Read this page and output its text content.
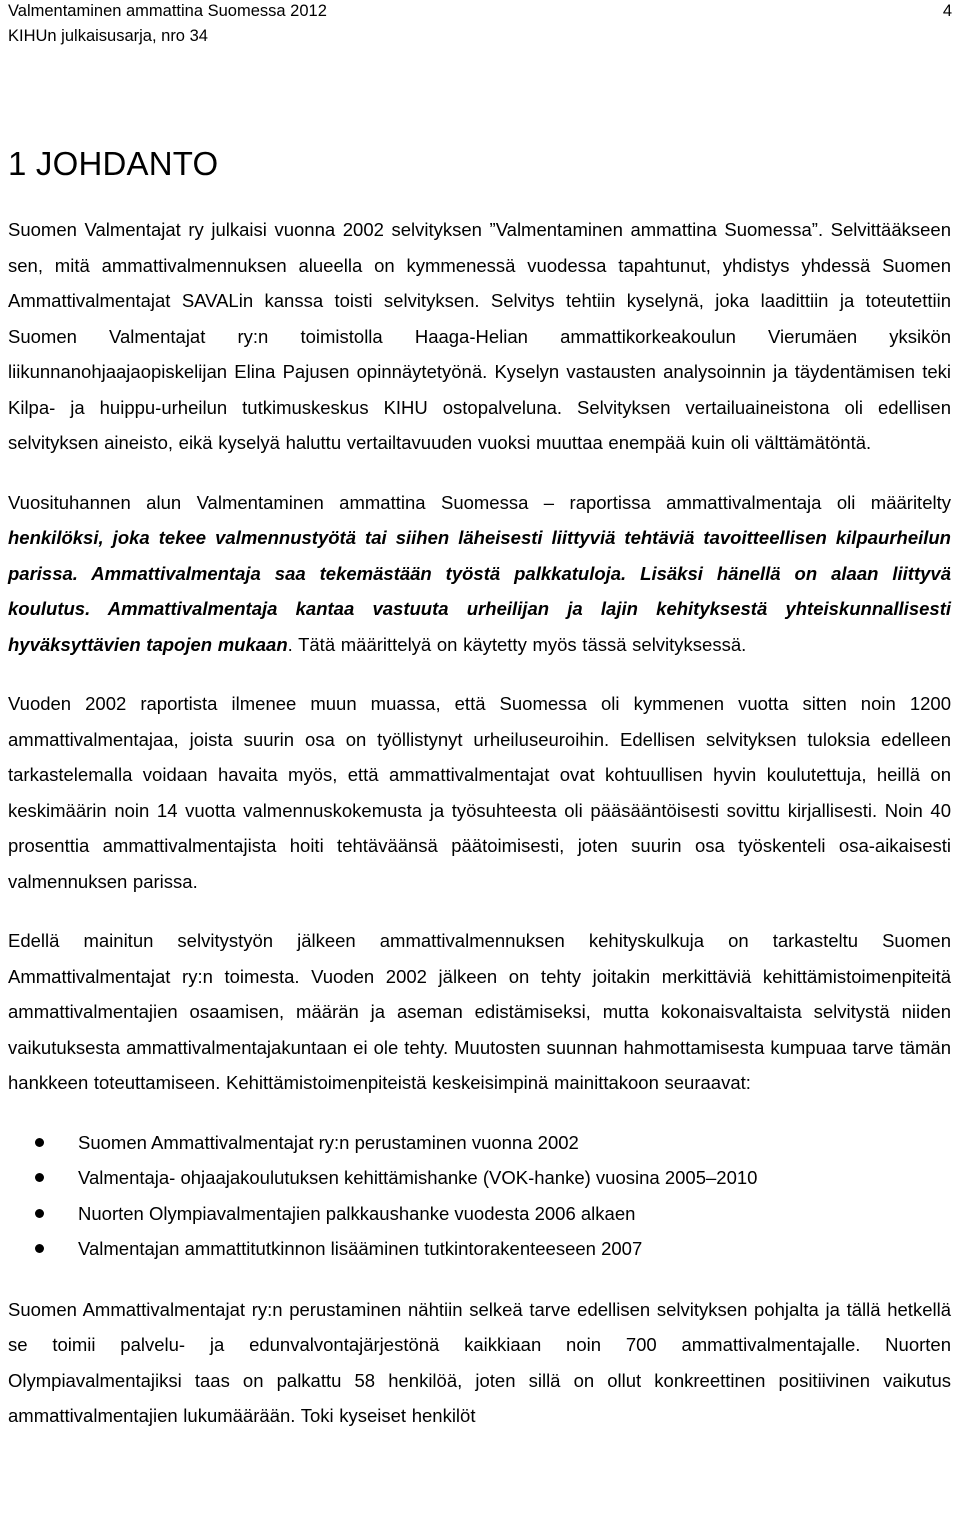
Valmentaminen ammattina Suomessa 2012
KIHUn julkaisusarja, nro 34
4
1 JOHDANTO

Suomen Valmentajat ry julkaisi vuonna 2002 selvityksen ”Valmentaminen ammattina Suomessa”. Selvittääkseen sen, mitä ammattivalmennuksen alueella on kymmenessä vuodessa tapahtunut, yhdistys yhdessä Suomen Ammattivalmentajat SAVALin kanssa toisti selvityksen. Selvitys tehtiin kyselynä, joka laadittiin ja toteutettiin Suomen Valmentajat ry:n toimistolla Haaga-Helian ammattikorkeakoulun Vierumäen yksikön liikunnanohjaajaopiskelijan Elina Pajusen opinnäytetyönä. Kyselyn vastausten analysoinnin ja täydentämisen teki Kilpa- ja huippu-urheilun tutkimuskeskus KIHU ostopalveluna. Selvityksen vertailuaineistona oli edellisen selvityksen aineisto, eikä kyselyä haluttu vertailtavuuden vuoksi muuttaa enempää kuin oli välttämätöntä.

Vuosituhannen alun Valmentaminen ammattina Suomessa – raportissa ammattivalmentaja oli määritelty henkilöksi, joka tekee valmennustyötä tai siihen läheisesti liittyviä tehtäviä tavoitteellisen kilpaurheilun parissa. Ammattivalmentaja saa tekemästään työstä palkkatuloja. Lisäksi hänellä on alaan liittyvä koulutus. Ammattivalmentaja kantaa vastuuta urheilijan ja lajin kehityksestä yhteiskunnallisesti hyväksyttävien tapojen mukaan. Tätä määrittelyä on käytetty myös tässä selvityksessä.

Vuoden 2002 raportista ilmenee muun muassa, että Suomessa oli kymmenen vuotta sitten noin 1200 ammattivalmentajaa, joista suurin osa on työllistynyt urheiluseuroihin. Edellisen selvityksen tuloksia edelleen tarkastelemalla voidaan havaita myös, että ammattivalmentajat ovat kohtuullisen hyvin koulutettuja, heillä on keskimäärin noin 14 vuotta valmennuskokemusta ja työsuhteesta oli pääsääntöisesti sovittu kirjallisesti. Noin 40 prosenttia ammattivalmentajista hoiti tehtäväänsä päätoimisesti, joten suurin osa työskenteli osa-aikaisesti valmennuksen parissa.

Edellä mainitun selvitystyön jälkeen ammattivalmennuksen kehityskulkuja on tarkasteltu Suomen Ammattivalmentajat ry:n toimesta. Vuoden 2002 jälkeen on tehty joitakin merkittäviä kehittämistoimenpiteitä ammattivalmentajien osaamisen, määrän ja aseman edistämiseksi, mutta kokonaisvaltaista selvitystä niiden vaikutuksesta ammattivalmentajakuntaan ei ole tehty. Muutosten suunnan hahmottamisesta kumpuaa tarve tämän hankkeen toteuttamiseen. Kehittämistoimenpiteistä keskeisimpinä mainittakoon seuraavat:

Suomen Ammattivalmentajat ry:n perustaminen vuonna 2002
Valmentaja- ohjaajakoulutuksen kehittämishanke (VOK-hanke) vuosina 2005–2010
Nuorten Olympiavalmentajien palkkaushanke vuodesta 2006 alkaen
Valmentajan ammattitutkinnon lisääminen tutkintorakenteeseen 2007

Suomen Ammattivalmentajat ry:n perustaminen nähtiin selkeä tarve edellisen selvityksen pohjalta ja tällä hetkellä se toimii palvelu- ja edunvalvontajärjestönä kaikkiaan noin 700 ammattivalmentajalle. Nuorten Olympiavalmentajiksi taas on palkattu 58 henkilöä, joten sillä on ollut konkreettinen positiivinen vaikutus ammattivalmentajien lukumäärään. Toki kyseiset henkilöt
